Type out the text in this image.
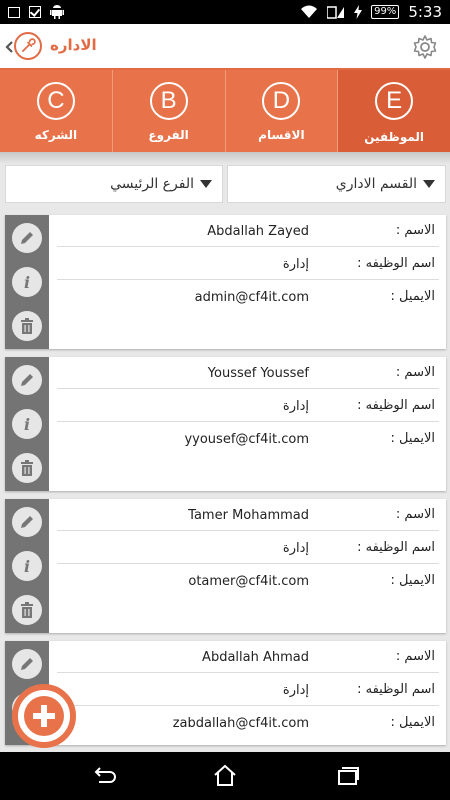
99% 5:33
الاداره
C
الشركه
B
الفروع
D
الاقسام
E
الموظفين
الفرع الرئيسي	القسم الاداري
i
Abdallah Zayed	الاسم :
إدارة	اسم الوظيفه :
admin@cf4it.com	الايميل :
i
Youssef Youssef	الاسم :
إدارة	اسم الوظيفه :
yyousef@cf4it.com	الايميل :
i
Tamer Mohammad	الاسم :
إدارة	اسم الوظيفه :
otamer@cf4it.com	الايميل :
Abdallah Ahmad	الاسم :
إدارة	اسم الوظيفه :
zabdallah@cf4it.com	الايميل :
